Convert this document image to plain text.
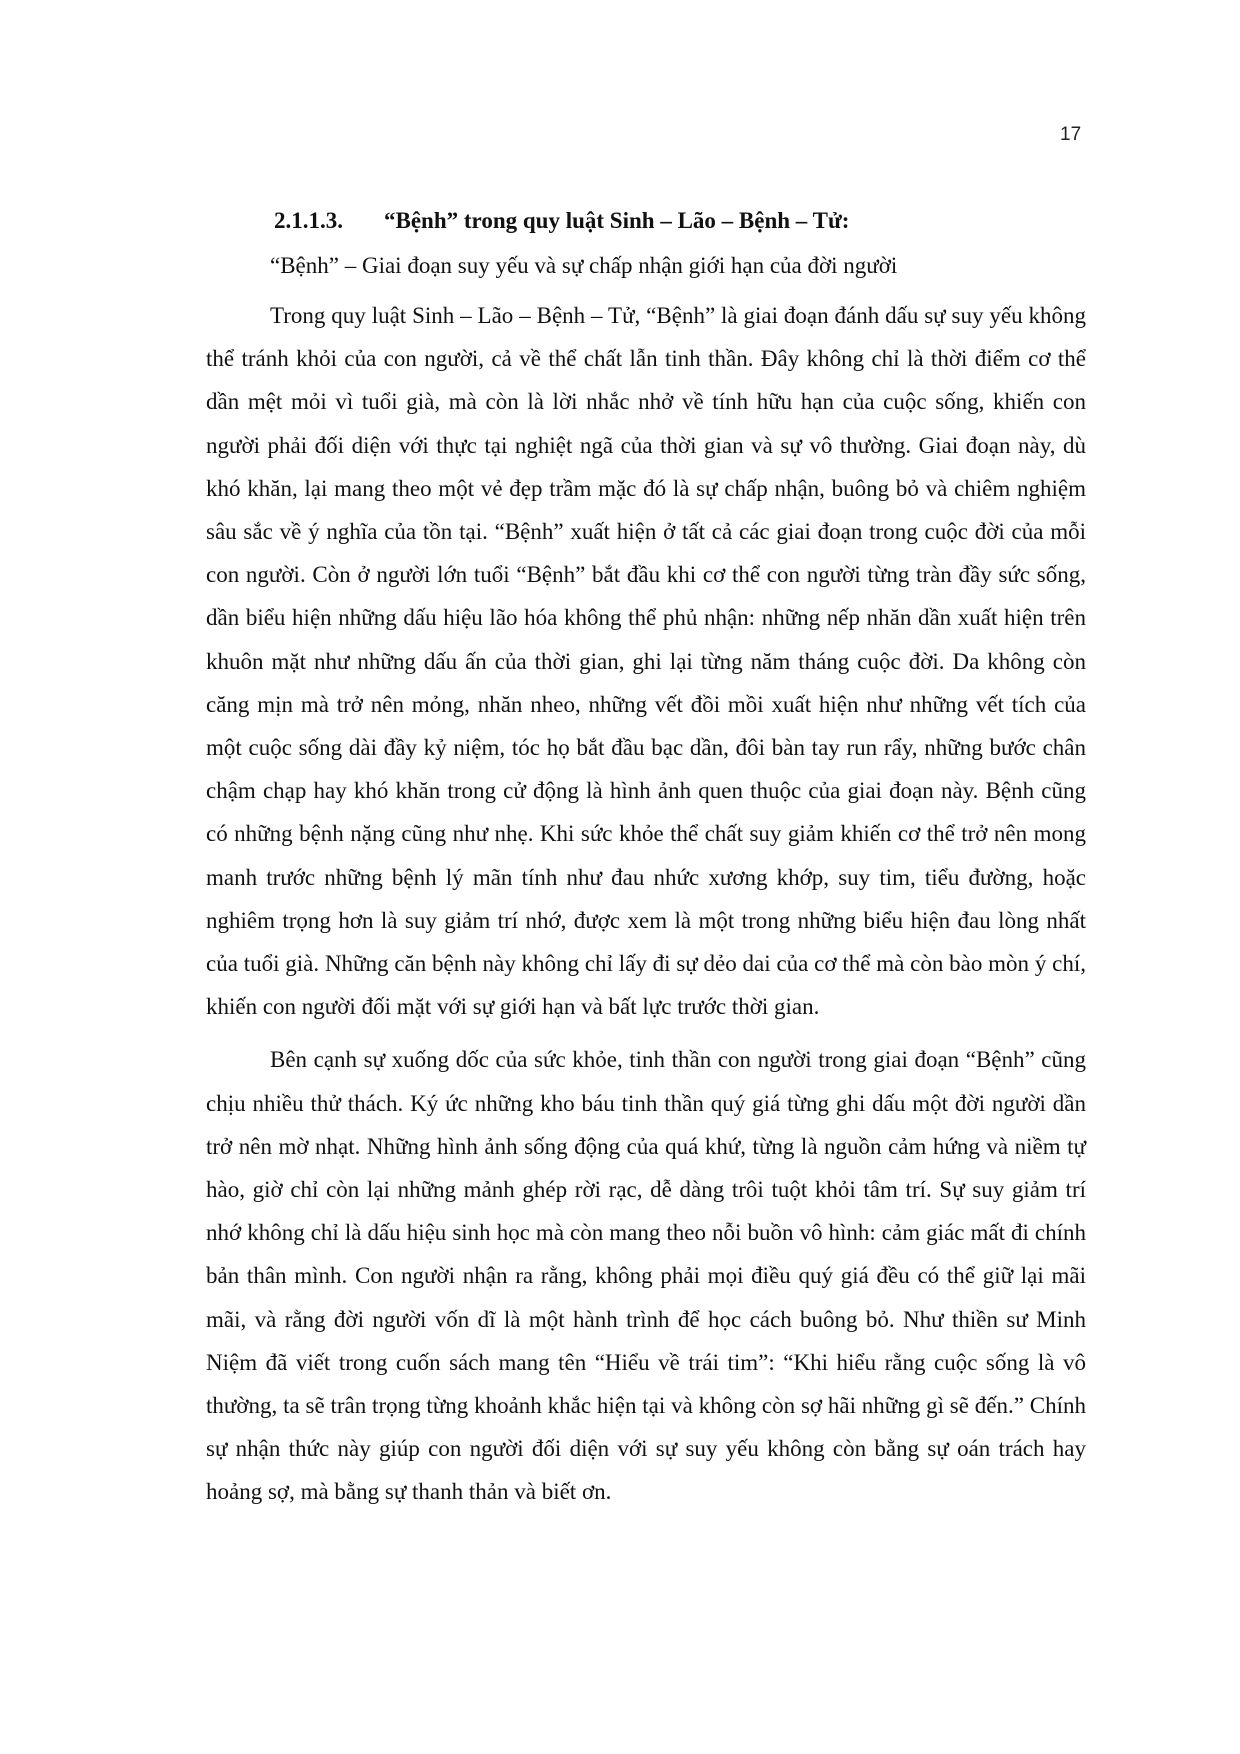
17
2.1.1.3. “Bệnh” trong quy luật Sinh – Lão – Bệnh – Tử:
“Bệnh” – Giai đoạn suy yếu và sự chấp nhận giới hạn của đời người

Trong quy luật Sinh – Lão – Bệnh – Tử, “Bệnh” là giai đoạn đánh dấu sự suy yếu không thể tránh khỏi của con người, cả về thể chất lẫn tinh thần. Đây không chỉ là thời điểm cơ thể dần mệt mỏi vì tuổi già, mà còn là lời nhắc nhở về tính hữu hạn của cuộc sống, khiến con người phải đối diện với thực tại nghiệt ngã của thời gian và sự vô thường. Giai đoạn này, dù khó khăn, lại mang theo một vẻ đẹp trầm mặc đó là sự chấp nhận, buông bỏ và chiêm nghiệm sâu sắc về ý nghĩa của tồn tại. “Bệnh” xuất hiện ở tất cả các giai đoạn trong cuộc đời của mỗi con người. Còn ở người lớn tuổi “Bệnh” bắt đầu khi cơ thể con người từng tràn đầy sức sống, dần biểu hiện những dấu hiệu lão hóa không thể phủ nhận: những nếp nhăn dần xuất hiện trên khuôn mặt như những dấu ấn của thời gian, ghi lại từng năm tháng cuộc đời. Da không còn căng mịn mà trở nên mỏng, nhăn nheo, những vết đồi mồi xuất hiện như những vết tích của một cuộc sống dài đầy kỷ niệm, tóc họ bắt đầu bạc dần, đôi bàn tay run rẩy, những bước chân chậm chạp hay khó khăn trong cử động là hình ảnh quen thuộc của giai đoạn này. Bệnh cũng có những bệnh nặng cũng như nhẹ. Khi sức khỏe thể chất suy giảm khiến cơ thể trở nên mong manh trước những bệnh lý mãn tính như đau nhức xương khớp, suy tim, tiểu đường, hoặc nghiêm trọng hơn là suy giảm trí nhớ, được xem là một trong những biểu hiện đau lòng nhất của tuổi già. Những căn bệnh này không chỉ lấy đi sự dẻo dai của cơ thể mà còn bào mòn ý chí, khiến con người đối mặt với sự giới hạn và bất lực trước thời gian.

Bên cạnh sự xuống dốc của sức khỏe, tinh thần con người trong giai đoạn “Bệnh” cũng chịu nhiều thử thách. Ký ức những kho báu tinh thần quý giá từng ghi dấu một đời người dần trở nên mờ nhạt. Những hình ảnh sống động của quá khứ, từng là nguồn cảm hứng và niềm tự hào, giờ chỉ còn lại những mảnh ghép rời rạc, dễ dàng trôi tuột khỏi tâm trí. Sự suy giảm trí nhớ không chỉ là dấu hiệu sinh học mà còn mang theo nỗi buồn vô hình: cảm giác mất đi chính bản thân mình. Con người nhận ra rằng, không phải mọi điều quý giá đều có thể giữ lại mãi mãi, và rằng đời người vốn dĩ là một hành trình để học cách buông bỏ. Như thiền sư Minh Niệm đã viết trong cuốn sách mang tên “Hiểu về trái tim”: “Khi hiểu rằng cuộc sống là vô thường, ta sẽ trân trọng từng khoảnh khắc hiện tại và không còn sợ hãi những gì sẽ đến.” Chính sự nhận thức này giúp con người đối diện với sự suy yếu không còn bằng sự oán trách hay hoảng sợ, mà bằng sự thanh thản và biết ơn.
